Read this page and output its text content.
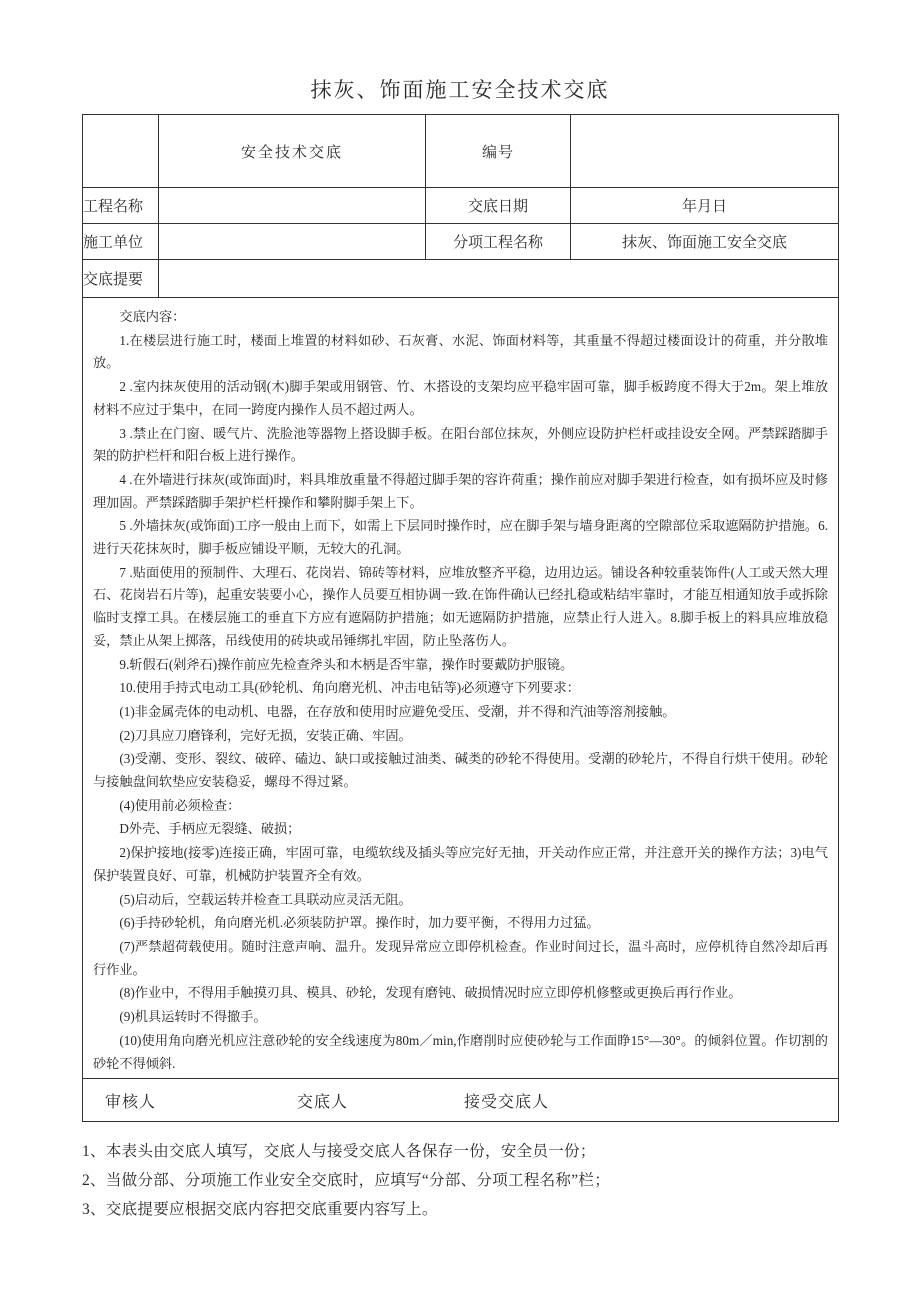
抹灰、饰面施工安全技术交底
	安全技术交底	编号	
工程名称		交底日期	年月日
施工单位		分项工程名称	抹灰、饰面施工安全交底
交底提要			

交底内容：

1.在楼层进行施工时，楼面上堆置的材料如砂、石灰膏、水泥、饰面材料等，其重量不得超过楼面设计的荷重，并分散堆放。

2 .室内抹灰使用的活动钢(木)脚手架或用钢管、竹、木搭设的支架均应平稳牢固可靠，脚手板跨度不得大于2m。架上堆放材料不应过于集中，在同一跨度内操作人员不超过两人。

3 .禁止在门窗、暖气片、洗脸池等器物上搭设脚手板。在阳台部位抹灰，外侧应设防护栏杆或挂设安全网。严禁踩踏脚手架的防护栏杆和阳台板上进行操作。

4 .在外墙进行抹灰(或饰面)时，料具堆放重量不得超过脚手架的容许荷重；操作前应对脚手架进行检查，如有损坏应及时修理加固。严禁踩踏脚手架护栏杆操作和攀附脚手架上下。

5 .外墙抹灰(或饰面)工序一般由上而下，如需上下层同时操作时，应在脚手架与墙身距离的空隙部位采取遮隔防护措施。6.进行天花抹灰时，脚手板应铺设平顺，无较大的孔洞。

7 .贴面使用的预制件、大理石、花岗岩、锦砖等材料，应堆放整齐平稳，边用边运。铺设各种较重装饰件(人工或天然大理石、花岗岩石片等)，起重安装要小心，操作人员要互相协调一致.在饰件确认已经扎稳或粘结牢靠时，才能互相通知放手或拆除临时支撑工具。在楼层施工的垂直下方应有遮隔防护措施；如无遮隔防护措施，应禁止行人进入。8.脚手板上的料具应堆放稳妥，禁止从架上掷落，吊线使用的砖块或吊锤绑扎牢固，防止坠落伤人。

9.斩假石(剁斧石)操作前应先检查斧头和木柄是否牢靠，操作时要戴防护服镜。

10.使用手持式电动工具(砂轮机、角向磨光机、冲击电钻等)必须遵守下列要求：

(1)非金属壳体的电动机、电器，在存放和使用时应避免受压、受潮，并不得和汽油等溶剂接触。

(2)刀具应刀磨锋利，完好无损，安装正确、牢固。

(3)受潮、变形、裂纹、破碎、磕边、缺口或接触过油类、碱类的砂轮不得使用。受潮的砂轮片，不得自行烘干使用。砂轮与接触盘间软垫应安装稳妥，螺母不得过紧。

(4)使用前必须检查：

D外壳、手柄应无裂缝、破损；

2)保护接地(接零)连接正确，牢固可靠，电缆软线及插头等应完好无抽，开关动作应正常，并注意开关的操作方法；3)电气保护装置良好、可靠，机械防护装置齐全有效。

(5)启动后，空载运转并检查工具联动应灵活无阻。

(6)手持砂轮机，角向磨光机.必须装防护罩。操作时，加力要平衡，不得用力过猛。

(7)严禁超荷载使用。随时注意声响、温升。发现异常应立即停机检查。作业时间过长，温斗高时，应停机待自然冷却后再行作业。

(8)作业中，不得用手触摸刃具、模具、砂轮，发现有磨钝、破损情况时应立即停机修整或更换后再行作业。

(9)机具运转时不得撤手。

(10)使用角向磨光机应注意砂轮的安全线速度为80m／min,作磨削时应使砂轮与工作面睁15°—30°。的倾斜位置。作切割的砂轮不得倾斜.

审核人 交底人 接受交底人			

1、本表头由交底人填写，交底人与接受交底人各保存一份，安全员一份；

2、当做分部、分项施工作业安全交底时，应填写“分部、分项工程名称”栏；

3、交底提要应根据交底内容把交底重要内容写上。
